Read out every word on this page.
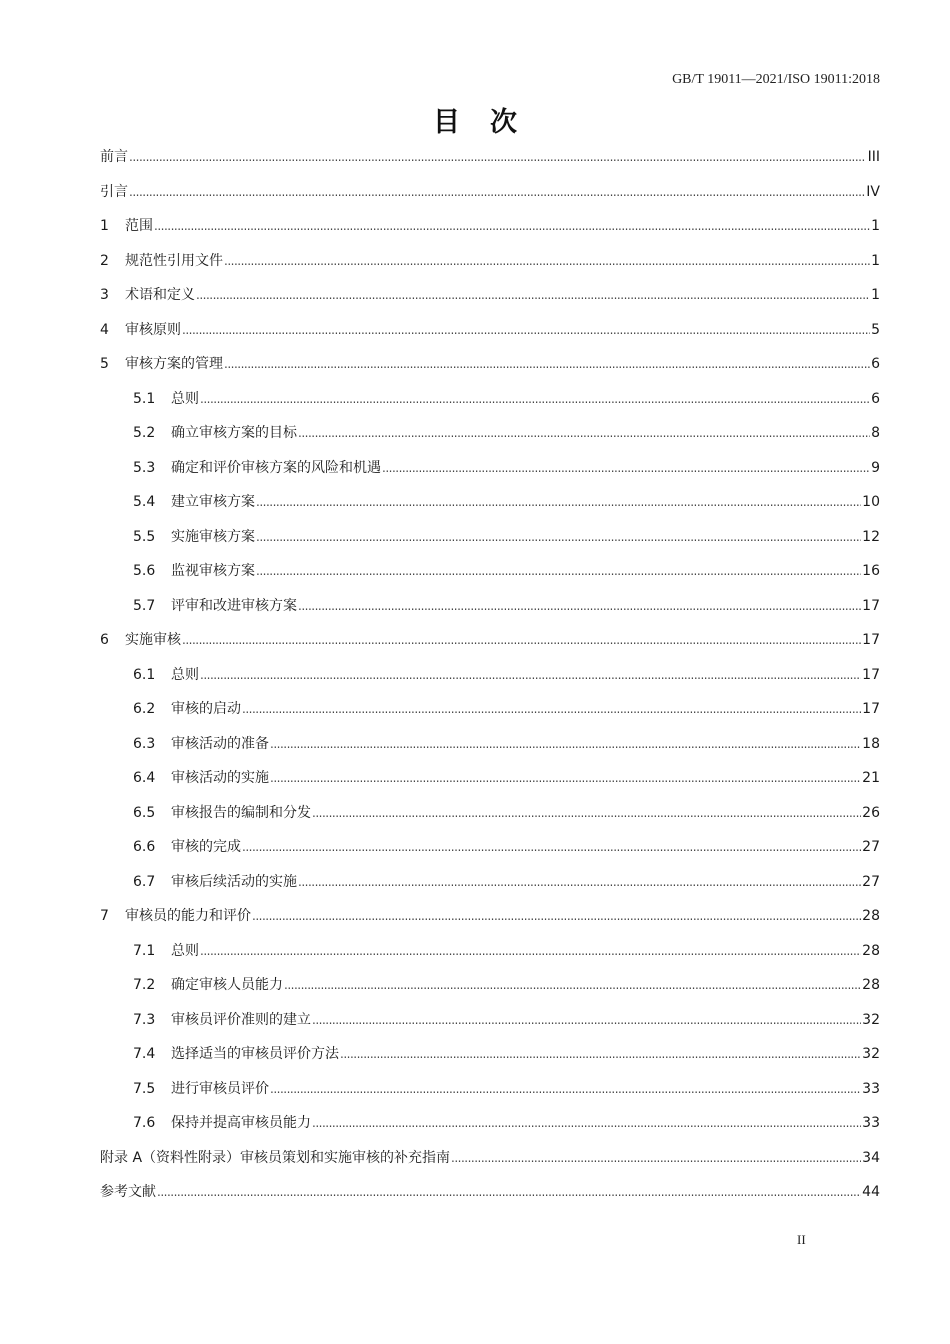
GB/T 19011—2021/ISO 19011:2018
目次
前言 .....	III
引言 .....	IV
1	范围 .....	1
2	规范性引用文件 .....	1
3	术语和定义 .....	1
4	审核原则 .....	5
5	审核方案的管理 .....	6
5.1	总则 .....	6
5.2	确立审核方案的目标 .....	8
5.3	确定和评价审核方案的风险和机遇 .....	9
5.4	建立审核方案 .....	10
5.5	实施审核方案 .....	12
5.6	监视审核方案 .....	16
5.7	评审和改进审核方案 .....	17
6	实施审核 .....	17
6.1	总则 .....	17
6.2	审核的启动 .....	17
6.3	审核活动的准备 .....	18
6.4	审核活动的实施 .....	21
6.5	审核报告的编制和分发 .....	26
6.6	审核的完成 .....	27
6.7	审核后续活动的实施 .....	27
7	审核员的能力和评价 .....	28
7.1	总则 .....	28
7.2	确定审核人员能力 .....	28
7.3	审核员评价准则的建立 .....	32
7.4	选择适当的审核员评价方法 .....	32
7.5	进行审核员评价 .....	33
7.6	保持并提高审核员能力 .....	33
附录 A（资料性附录）审核员策划和实施审核的补充指南 .....	34
参考文献 .....	44
II
